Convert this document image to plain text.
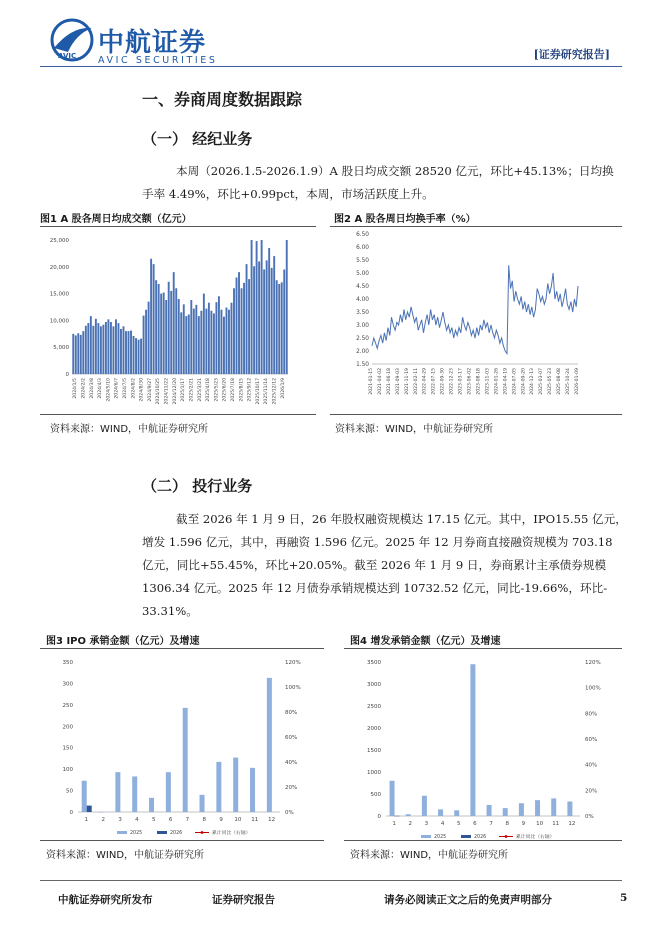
AVIC 中航证券
AVIC SECURITIES	[证券研究报告]
一、券商周度数据跟踪
（一） 经纪业务
本周（2026.1.5-2026.1.9）A 股日均成交额 28520 亿元，环比+45.13%；日均换
手率 4.49%，环比+0.99pct，本周，市场活跃度上升。
图1 A 股各周日均成交额（亿元）
0
5,000
10,000
15,000
20,000
25,000
2024/1/5 2024/2/2 2024/3/8 2024/4/3 2024/5/10 2024/6/7 2024/7/5 2024/8/2 2024/8/30 2024/9/27 2024/10/25 2024/11/22 2024/12/20 2025/1/17 2025/2/21 2025/3/21 2025/4/18 2025/5/23 2025/6/20 2025/7/18 2025/8/15 2025/9/12 2025/10/17 2025/11/14 2025/12/12 2026/1/9
资料来源：WIND，中航证券研究所
图2 A 股各周日均换手率（%）
1.50
2.00
2.50
3.00
3.50
4.00
4.50
5.00
5.50
6.00
6.50
2021-01-15 2021-04-02 2021-06-18 2021-09-03 2021-11-19 2022-02-11 2022-04-29 2022-07-15 2022-09-30 2022-12-23 2023-03-17 2023-06-02 2023-08-18 2023-11-03 2024-01-26 2024-04-19 2024-07-05 2024-09-20 2024-12-13 2025-03-07 2025-05-23 2025-08-08 2025-10-24 2026-01-09
资料来源：WIND，中航证券研究所
（二） 投行业务
截至 2026 年 1 月 9 日，26 年股权融资规模达 17.15 亿元。其中，IPO15.55 亿元，
增发 1.596 亿元，其中，再融资 1.596 亿元。2025 年 12 月券商直接融资规模为 703.18
亿元，同比+55.45%，环比+20.05%。截至 2026 年 1 月 9 日，券商累计主承债券规模
1306.34 亿元。2025 年 12 月债券承销规模达到 10732.52 亿元，同比-19.66%，环比-
33.31%。
图3 IPO 承销金额（亿元）及增速
0
50
100
150
200
250
300
350
0%
20%
40%
60%
80%
100%
120%
1 2 3 4 5 6 7 8 9 10 11 12
2025	2026	累计同比（右轴）
资料来源：WIND，中航证券研究所
图4 增发承销金额（亿元）及增速
0
500
1000
1500
2000
2500
3000
3500
0%
20%
40%
60%
80%
100%
120%
1 2 3 4 5 6 7 8 9 10 11 12
2025	2026	累计同比（右轴）
资料来源：WIND，中航证券研究所
中航证券研究所发布	证券研究报告	请务必阅读正文之后的免责声明部分	5
